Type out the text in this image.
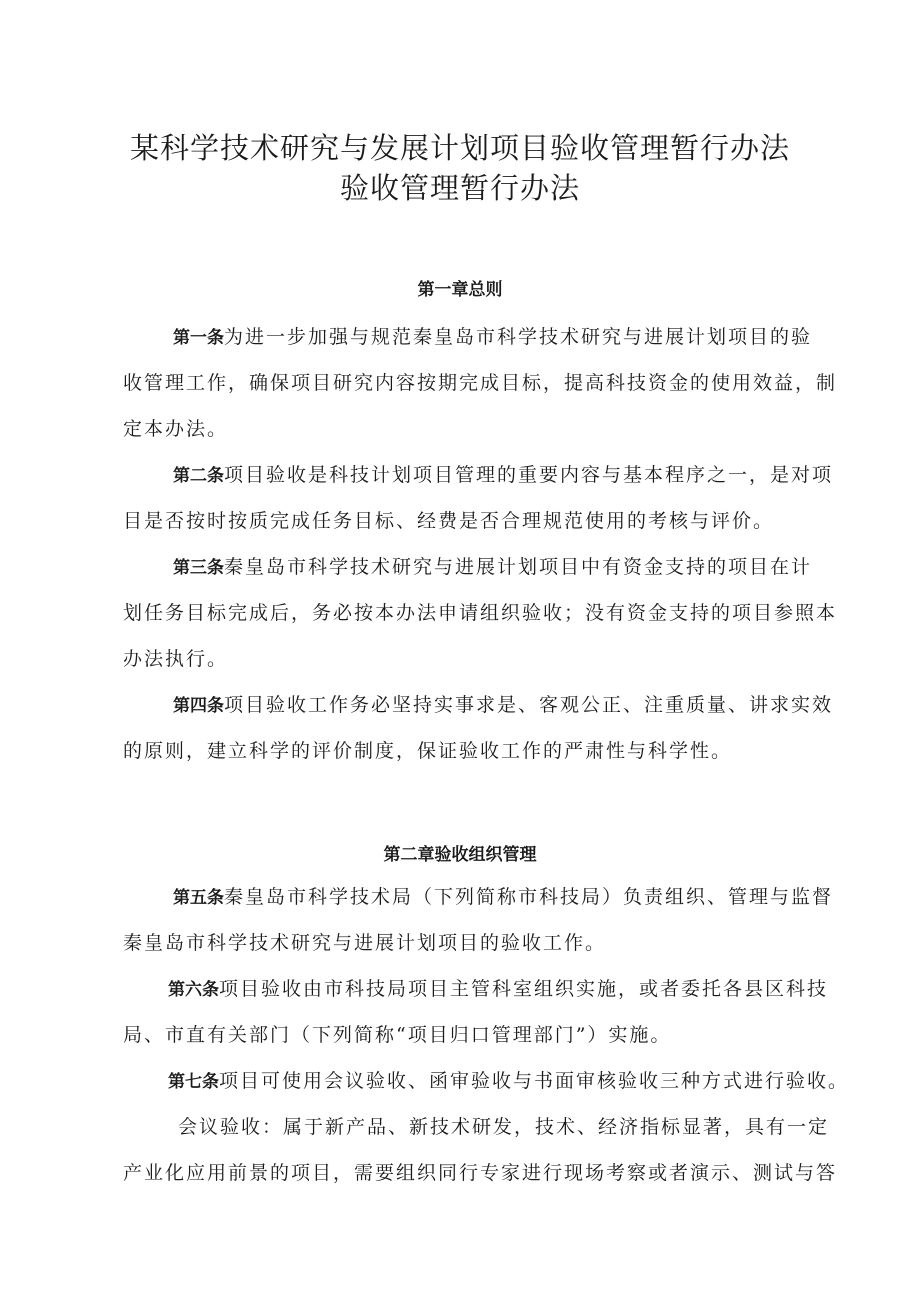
某科学技术研究与发展计划项目验收管理暂行办法
验收管理暂行办法
第一章总则
第一条为进一步加强与规范秦皇岛市科学技术研究与进展计划项目的验
收管理工作，确保项目研究内容按期完成目标，提高科技资金的使用效益，制
定本办法。
第二条项目验收是科技计划项目管理的重要内容与基本程序之一，是对项
目是否按时按质完成任务目标、经费是否合理规范使用的考核与评价。
第三条秦皇岛市科学技术研究与进展计划项目中有资金支持的项目在计
划任务目标完成后，务必按本办法申请组织验收；没有资金支持的项目参照本
办法执行。
第四条项目验收工作务必坚持实事求是、客观公正、注重质量、讲求实效
的原则，建立科学的评价制度，保证验收工作的严肃性与科学性。
第二章验收组织管理
第五条秦皇岛市科学技术局（下列简称市科技局）负责组织、管理与监督
秦皇岛市科学技术研究与进展计划项目的验收工作。
第六条项目验收由市科技局项目主管科室组织实施，或者委托各县区科技
局、市直有关部门（下列简称“项目归口管理部门”）实施。
第七条项目可使用会议验收、函审验收与书面审核验收三种方式进行验收。
会议验收：属于新产品、新技术研发，技术、经济指标显著，具有一定
产业化应用前景的项目，需要组织同行专家进行现场考察或者演示、测试与答
